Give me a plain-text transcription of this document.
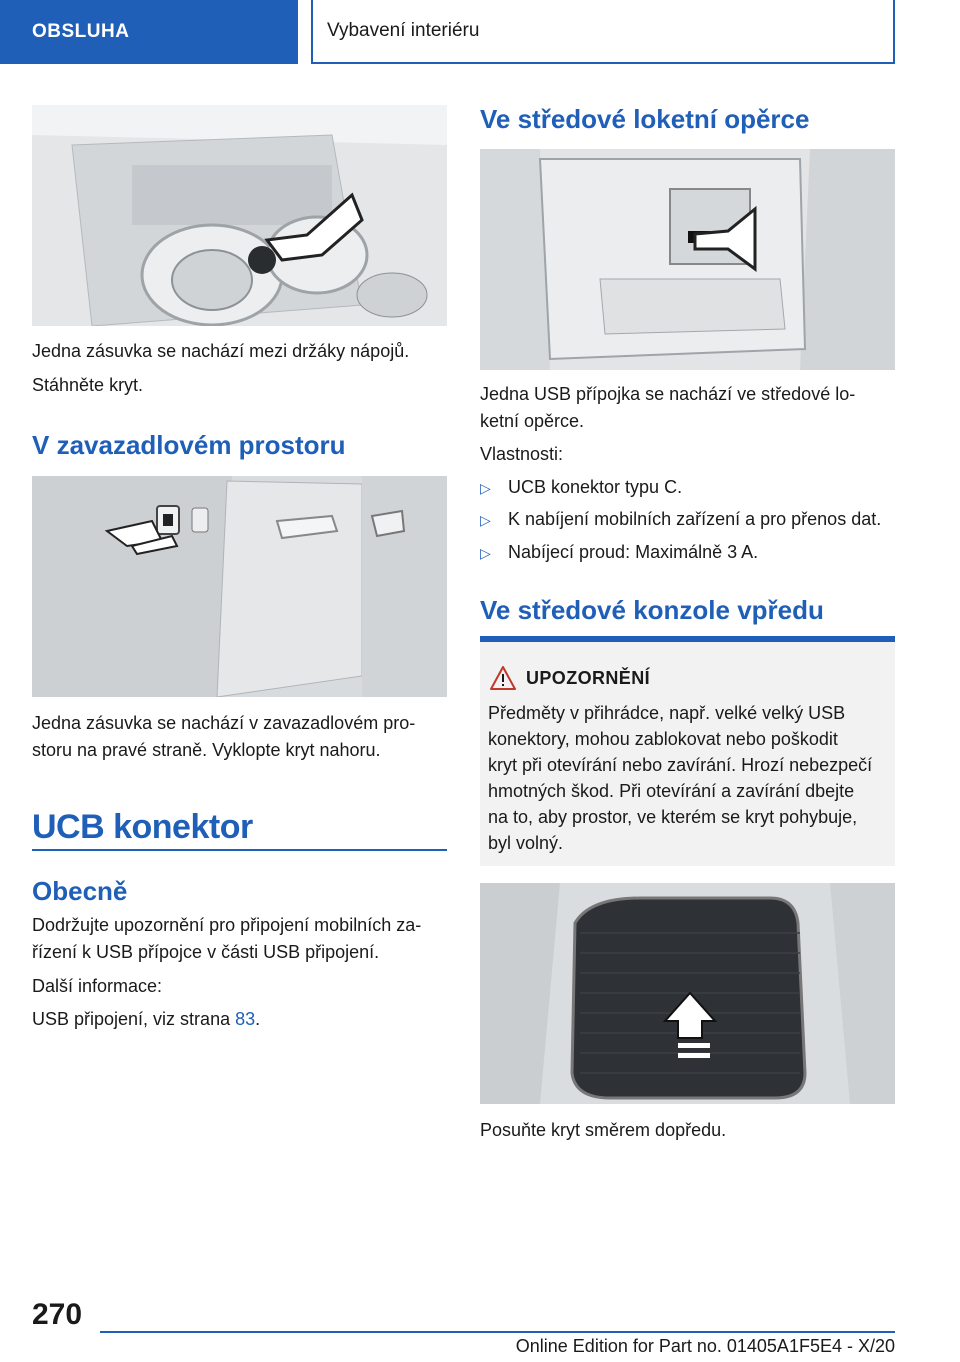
OBSLUHA	Vybavení interiéru

Jedna zásuvka se nachází mezi držáky nápojů.

Stáhněte kryt.

V zavazadlovém prostoru

Jedna zásuvka se nachází v zavazadlovém pro-

storu na pravé straně. Vyklopte kryt nahoru.

UCB konektor
Obecně

Dodržujte upozornění pro připojení mobilních za-

řízení k USB přípojce v části USB připojení.

Další informace:

USB připojení, viz strana 83.

Ve středové loketní opěrce

Jedna USB přípojka se nachází ve středové lo-

ketní opěrce.

Vlastnosti:

▷ UCB konektor typu C.
▷ K nabíjení mobilních zařízení a pro přenos dat.
▷ Nabíjecí proud: Maximálně 3 A.
Ve středové konzole vpředu
UPOZORNĚNÍ
Předměty v přihrádce, např. velké velký USB
konektory, mohou zablokovat nebo poškodit
kryt při otevírání nebo zavírání. Hrozí nebezpečí
hmotných škod. Při otevírání a zavírání dbejte
na to, aby prostor, ve kterém se kryt pohybuje,
byl volný.

Posuňte kryt směrem dopředu.

270
Online Edition for Part no. 01405A1F5E4 - X/20
